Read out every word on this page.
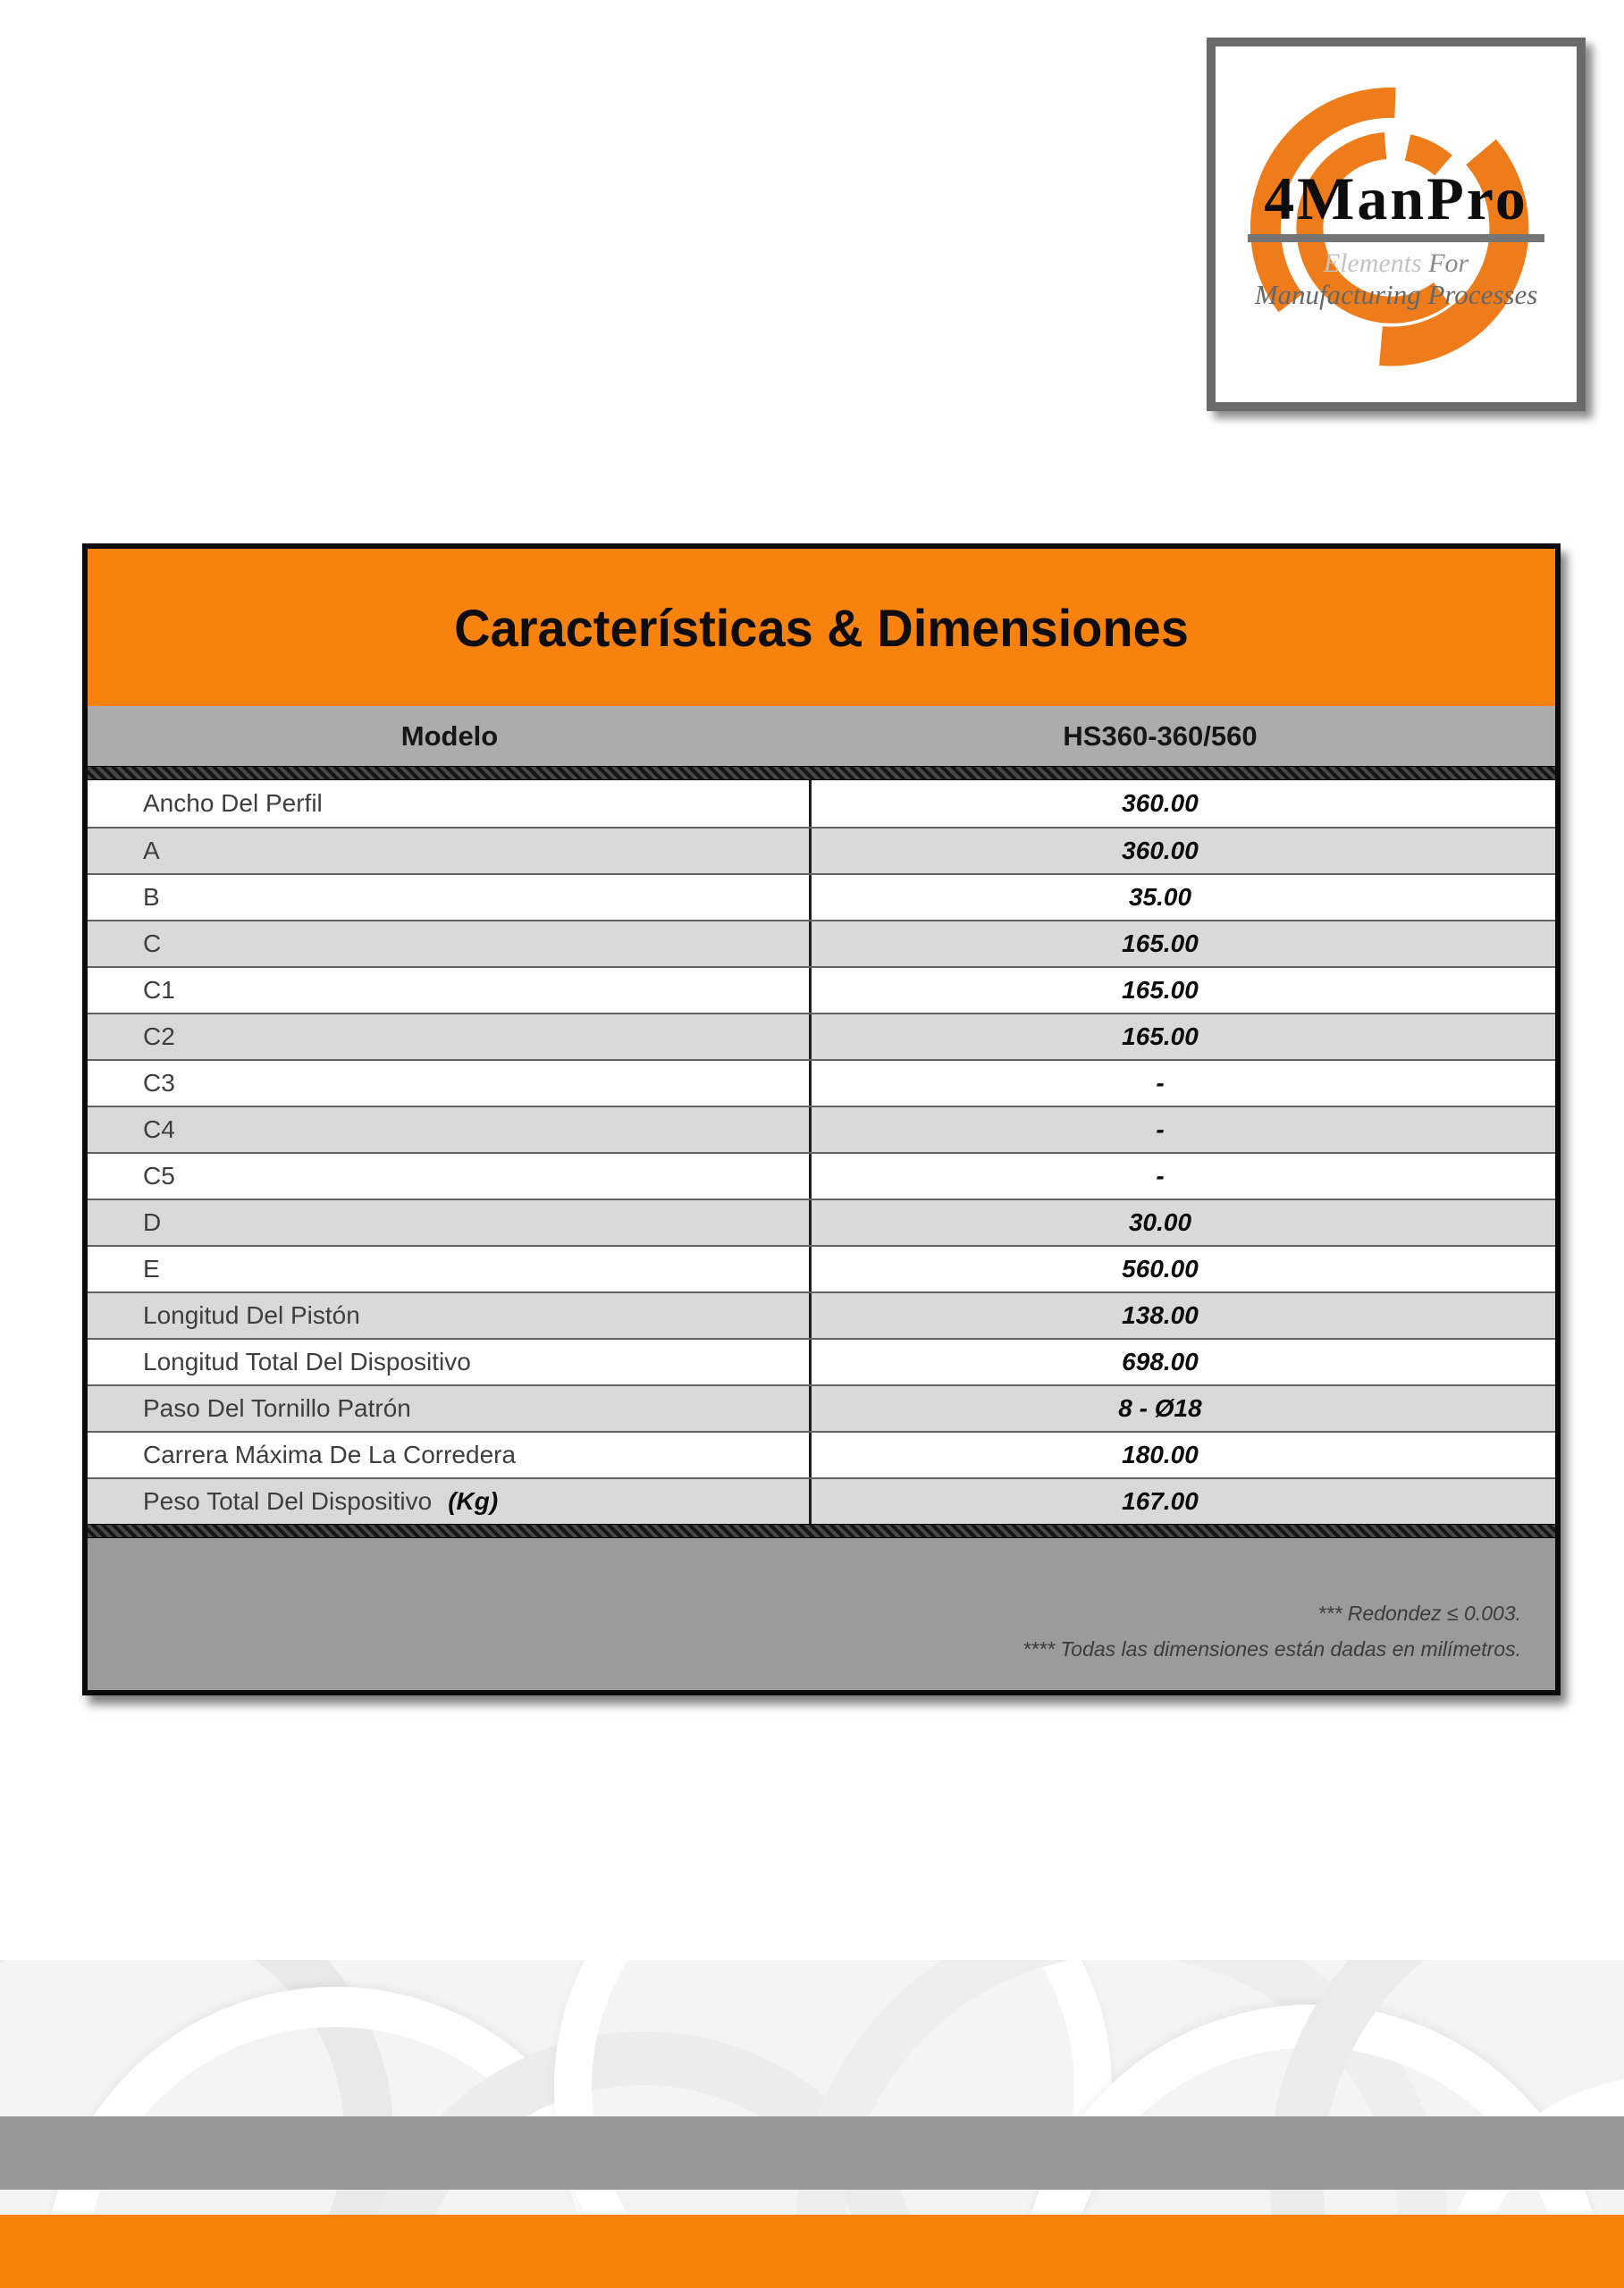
4ManPro
Elements For
Manufacturing Processes
Características & Dimensiones
Modelo	HS360-360/560
Ancho Del Perfil	360.00
A	360.00
B	35.00
C	165.00
C1	165.00
C2	165.00
C3	-
C4	-
C5	-
D	30.00
E	560.00
Longitud Del Pistón	138.00
Longitud Total Del Dispositivo	698.00
Paso Del Tornillo Patrón	8 - Ø18
Carrera Máxima De La Corredera	180.00
Peso Total Del Dispositivo (Kg)	167.00
*** Redondez ≤ 0.003.
**** Todas las dimensiones están dadas en milímetros.
